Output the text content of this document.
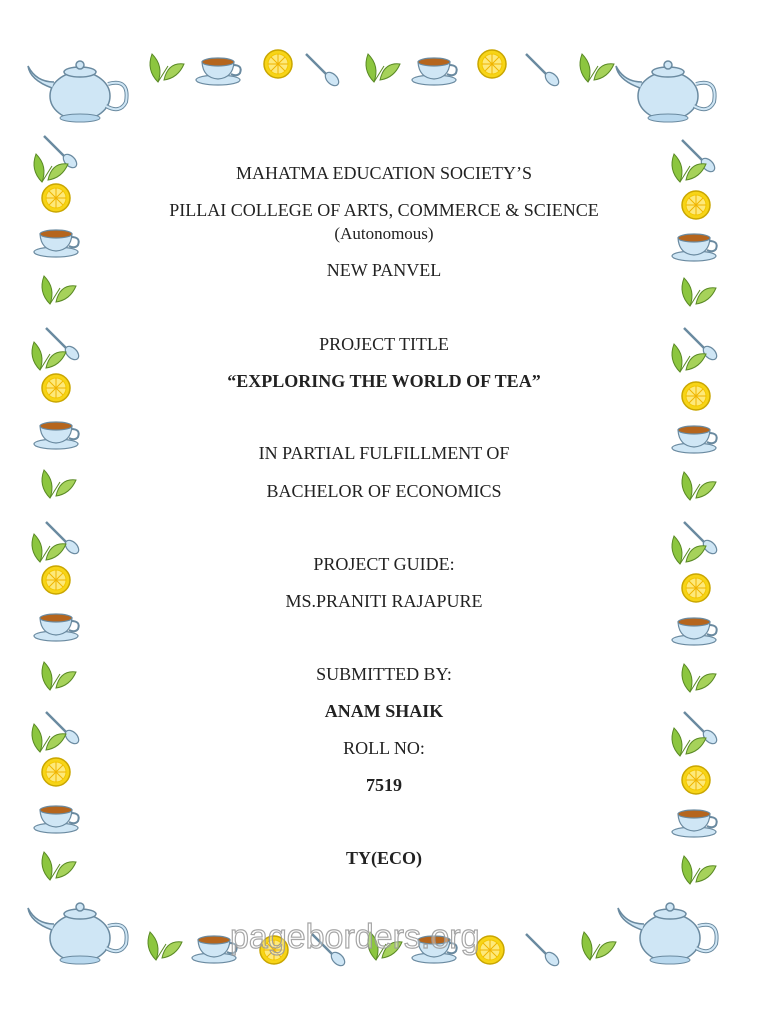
MAHATMA EDUCATION SOCIETY’S
PILLAI COLLEGE OF ARTS, COMMERCE & SCIENCE
(Autonomous)
NEW PANVEL
PROJECT TITLE
“EXPLORING THE WORLD OF TEA”
IN PARTIAL FULFILLMENT OF
BACHELOR OF ECONOMICS
PROJECT GUIDE:
MS.PRANITI RAJAPURE
SUBMITTED BY:
ANAM SHAIK
ROLL NO:
7519
TY(ECO)
pageborders.org
